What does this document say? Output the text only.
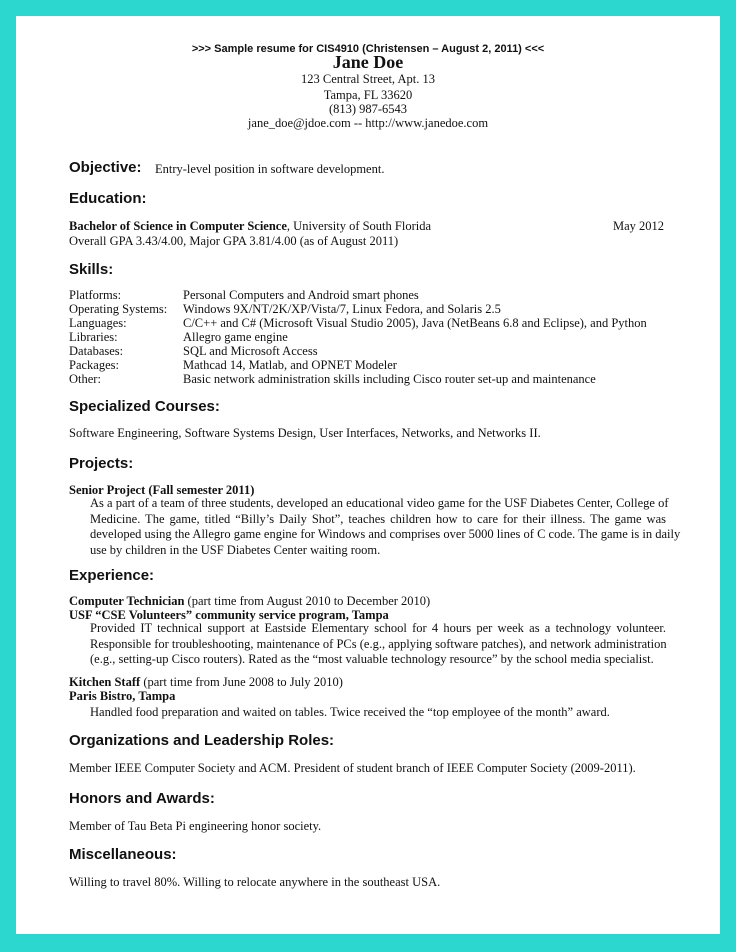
>>> Sample resume for CIS4910 (Christensen – August 2, 2011) <<<
Jane Doe
123 Central Street, Apt. 13
Tampa, FL 33620
(813) 987-6543
jane_doe@jdoe.com -- http://www.janedoe.com
Objective: Entry-level position in software development.
Education:
Bachelor of Science in Computer Science, University of South Florida	May 2012
Overall GPA 3.43/4.00, Major GPA 3.81/4.00 (as of August 2011)
Skills:
Platforms:	Personal Computers and Android smart phones
Operating Systems: Windows 9X/NT/2K/XP/Vista/7, Linux Fedora, and Solaris 2.5
Languages:	C/C++ and C# (Microsoft Visual Studio 2005), Java (NetBeans 6.8 and Eclipse), and Python
Libraries:	Allegro game engine
Databases:	SQL and Microsoft Access
Packages:	Mathcad 14, Matlab, and OPNET Modeler
Other:	Basic network administration skills including Cisco router set-up and maintenance
Specialized Courses:
Software Engineering, Software Systems Design, User Interfaces, Networks, and Networks II.
Projects:
Senior Project (Fall semester 2011)
As a part of a team of three students, developed an educational video game for the USF Diabetes Center, College of
Medicine. The game, titled “Billy’s Daily Shot”, teaches children how to care for their illness. The game was
developed using the Allegro game engine for Windows and comprises over 5000 lines of C code. The game is in daily
use by children in the USF Diabetes Center waiting room.
Experience:
Computer Technician (part time from August 2010 to December 2010)
USF “CSE Volunteers” community service program, Tampa
Provided IT technical support at Eastside Elementary school for 4 hours per week as a technology volunteer.
Responsible for troubleshooting, maintenance of PCs (e.g., applying software patches), and network administration
(e.g., setting-up Cisco routers). Rated as the “most valuable technology resource” by the school media specialist.
Kitchen Staff (part time from June 2008 to July 2010)
Paris Bistro, Tampa
Handled food preparation and waited on tables. Twice received the “top employee of the month” award.
Organizations and Leadership Roles:
Member IEEE Computer Society and ACM. President of student branch of IEEE Computer Society (2009-2011).
Honors and Awards:
Member of Tau Beta Pi engineering honor society.
Miscellaneous:
Willing to travel 80%. Willing to relocate anywhere in the southeast USA.
